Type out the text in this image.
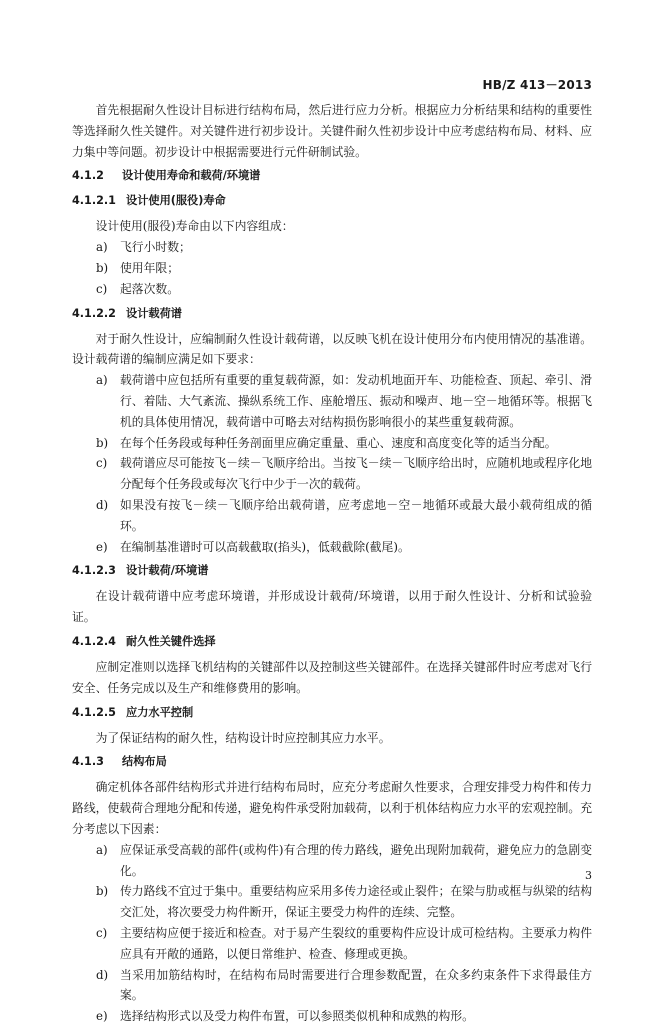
HB/Z 413－2013

首先根据耐久性设计目标进行结构布局，然后进行应力分析。根据应力分析结果和结构的重要性等选择耐久性关键件。对关键件进行初步设计。关键件耐久性初步设计中应考虑结构布局、材料、应力集中等问题。初步设计中根据需要进行元件研制试验。

4.1.2 设计使用寿命和载荷/环境谱
4.1.2.1 设计使用(服役)寿命

设计使用(服役)寿命由以下内容组成：

a)	飞行小时数；
b)	使用年限；
c)	起落次数。
4.1.2.2 设计载荷谱

对于耐久性设计，应编制耐久性设计载荷谱，以反映飞机在设计使用分布内使用情况的基准谱。设计载荷谱的编制应满足如下要求：

a)	载荷谱中应包括所有重要的重复载荷源，如：发动机地面开车、功能检查、顶起、牵引、滑行、着陆、大气紊流、操纵系统工作、座舱增压、振动和噪声、地－空－地循环等。根据飞机的具体使用情况，载荷谱中可略去对结构损伤影响很小的某些重复载荷源。
b)	在每个任务段或每种任务剖面里应确定重量、重心、速度和高度变化等的适当分配。
c)	载荷谱应尽可能按飞－续－飞顺序给出。当按飞－续－飞顺序给出时，应随机地或程序化地分配每个任务段或每次飞行中少于一次的载荷。
d)	如果没有按飞－续－飞顺序给出载荷谱，应考虑地－空－地循环或最大最小载荷组成的循环。
e)	在编制基准谱时可以高载截取(掐头)，低载截除(截尾)。
4.1.2.3 设计载荷/环境谱

在设计载荷谱中应考虑环境谱，并形成设计载荷/环境谱，以用于耐久性设计、分析和试验验证。

4.1.2.4 耐久性关键件选择

应制定准则以选择飞机结构的关键部件以及控制这些关键部件。在选择关键部件时应考虑对飞行安全、任务完成以及生产和维修费用的影响。

4.1.2.5 应力水平控制

为了保证结构的耐久性，结构设计时应控制其应力水平。

4.1.3 结构布局

确定机体各部件结构形式并进行结构布局时，应充分考虑耐久性要求，合理安排受力构件和传力路线，使载荷合理地分配和传递，避免构件承受附加载荷，以利于机体结构应力水平的宏观控制。充分考虑以下因素：

a)	应保证承受高载的部件(或构件)有合理的传力路线，避免出现附加载荷，避免应力的急剧变化。
b)	传力路线不宜过于集中。重要结构应采用多传力途径或止裂件；在梁与肋或框与纵梁的结构交汇处，将次要受力构件断开，保证主要受力构件的连续、完整。
c)	主要结构应便于接近和检查。对于易产生裂纹的重要构件应设计成可检结构。主要承力构件应具有开敞的通路，以便日常维护、检查、修理或更换。
d)	当采用加筋结构时，在结构布局时需要进行合理参数配置，在众多约束条件下求得最佳方案。
e)	选择结构形式以及受力构件布置，可以参照类似机种和成熟的构形。
3
